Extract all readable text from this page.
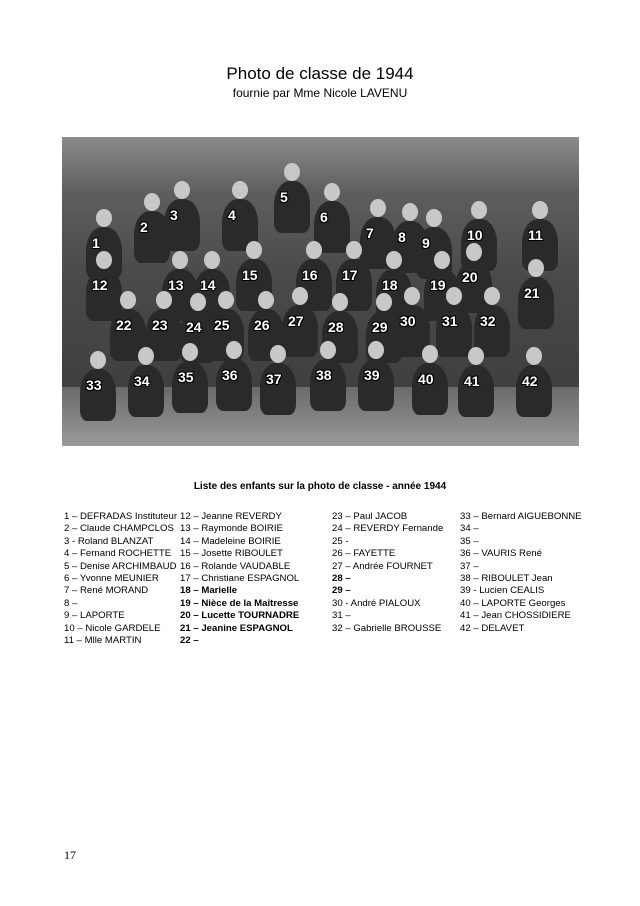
Photo de classe de 1944
fournie par Mme Nicole LAVENU
1
2
3	4
5
6
7 8 9	10	11
12	13 14
15	16 17
18 19 20
21
22 23 24 25 26 27 28 29 30 31 32
33 34 35 36 37 38 39	40 41	42
Liste des enfants sur la photo de classe - année 1944
1 – DEFRADAS Instituteur
2 – Claude CHAMPCLOS
3 - Roland BLANZAT
4 – Fernand ROCHETTE
5 – Denise ARCHIMBAUD
6 – Yvonne MEUNIER
7 – René MORAND
8 –
9 – LAPORTE
10 – Nicole GARDELE
11 – Mlle MARTIN
12 – Jeanne REVERDY
13 – Raymonde BOIRIE
14 – Madeleine BOIRIE
15 – Josette RIBOULET
16 – Rolande VAUDABLE
17 – Christiane ESPAGNOL
18 – Marielle
19 – Nièce de la Maîtresse
20 – Lucette TOURNADRE
21 – Jeanine ESPAGNOL
22 –
23 – Paul JACOB
24 – REVERDY Fernande
25 -
26 – FAYETTE
27 – Andrée FOURNET
28 –
29 –
30 - André PIALOUX
31 –
32 – Gabrielle BROUSSE
33 – Bernard AIGUEBONNE
34 –
35 –
36 – VAURIS René
37 –
38 – RIBOULET Jean
39 - Lucien CEALIS
40 – LAPORTE Georges
41 – Jean CHOSSIDIERE
42 – DELAVET
17
